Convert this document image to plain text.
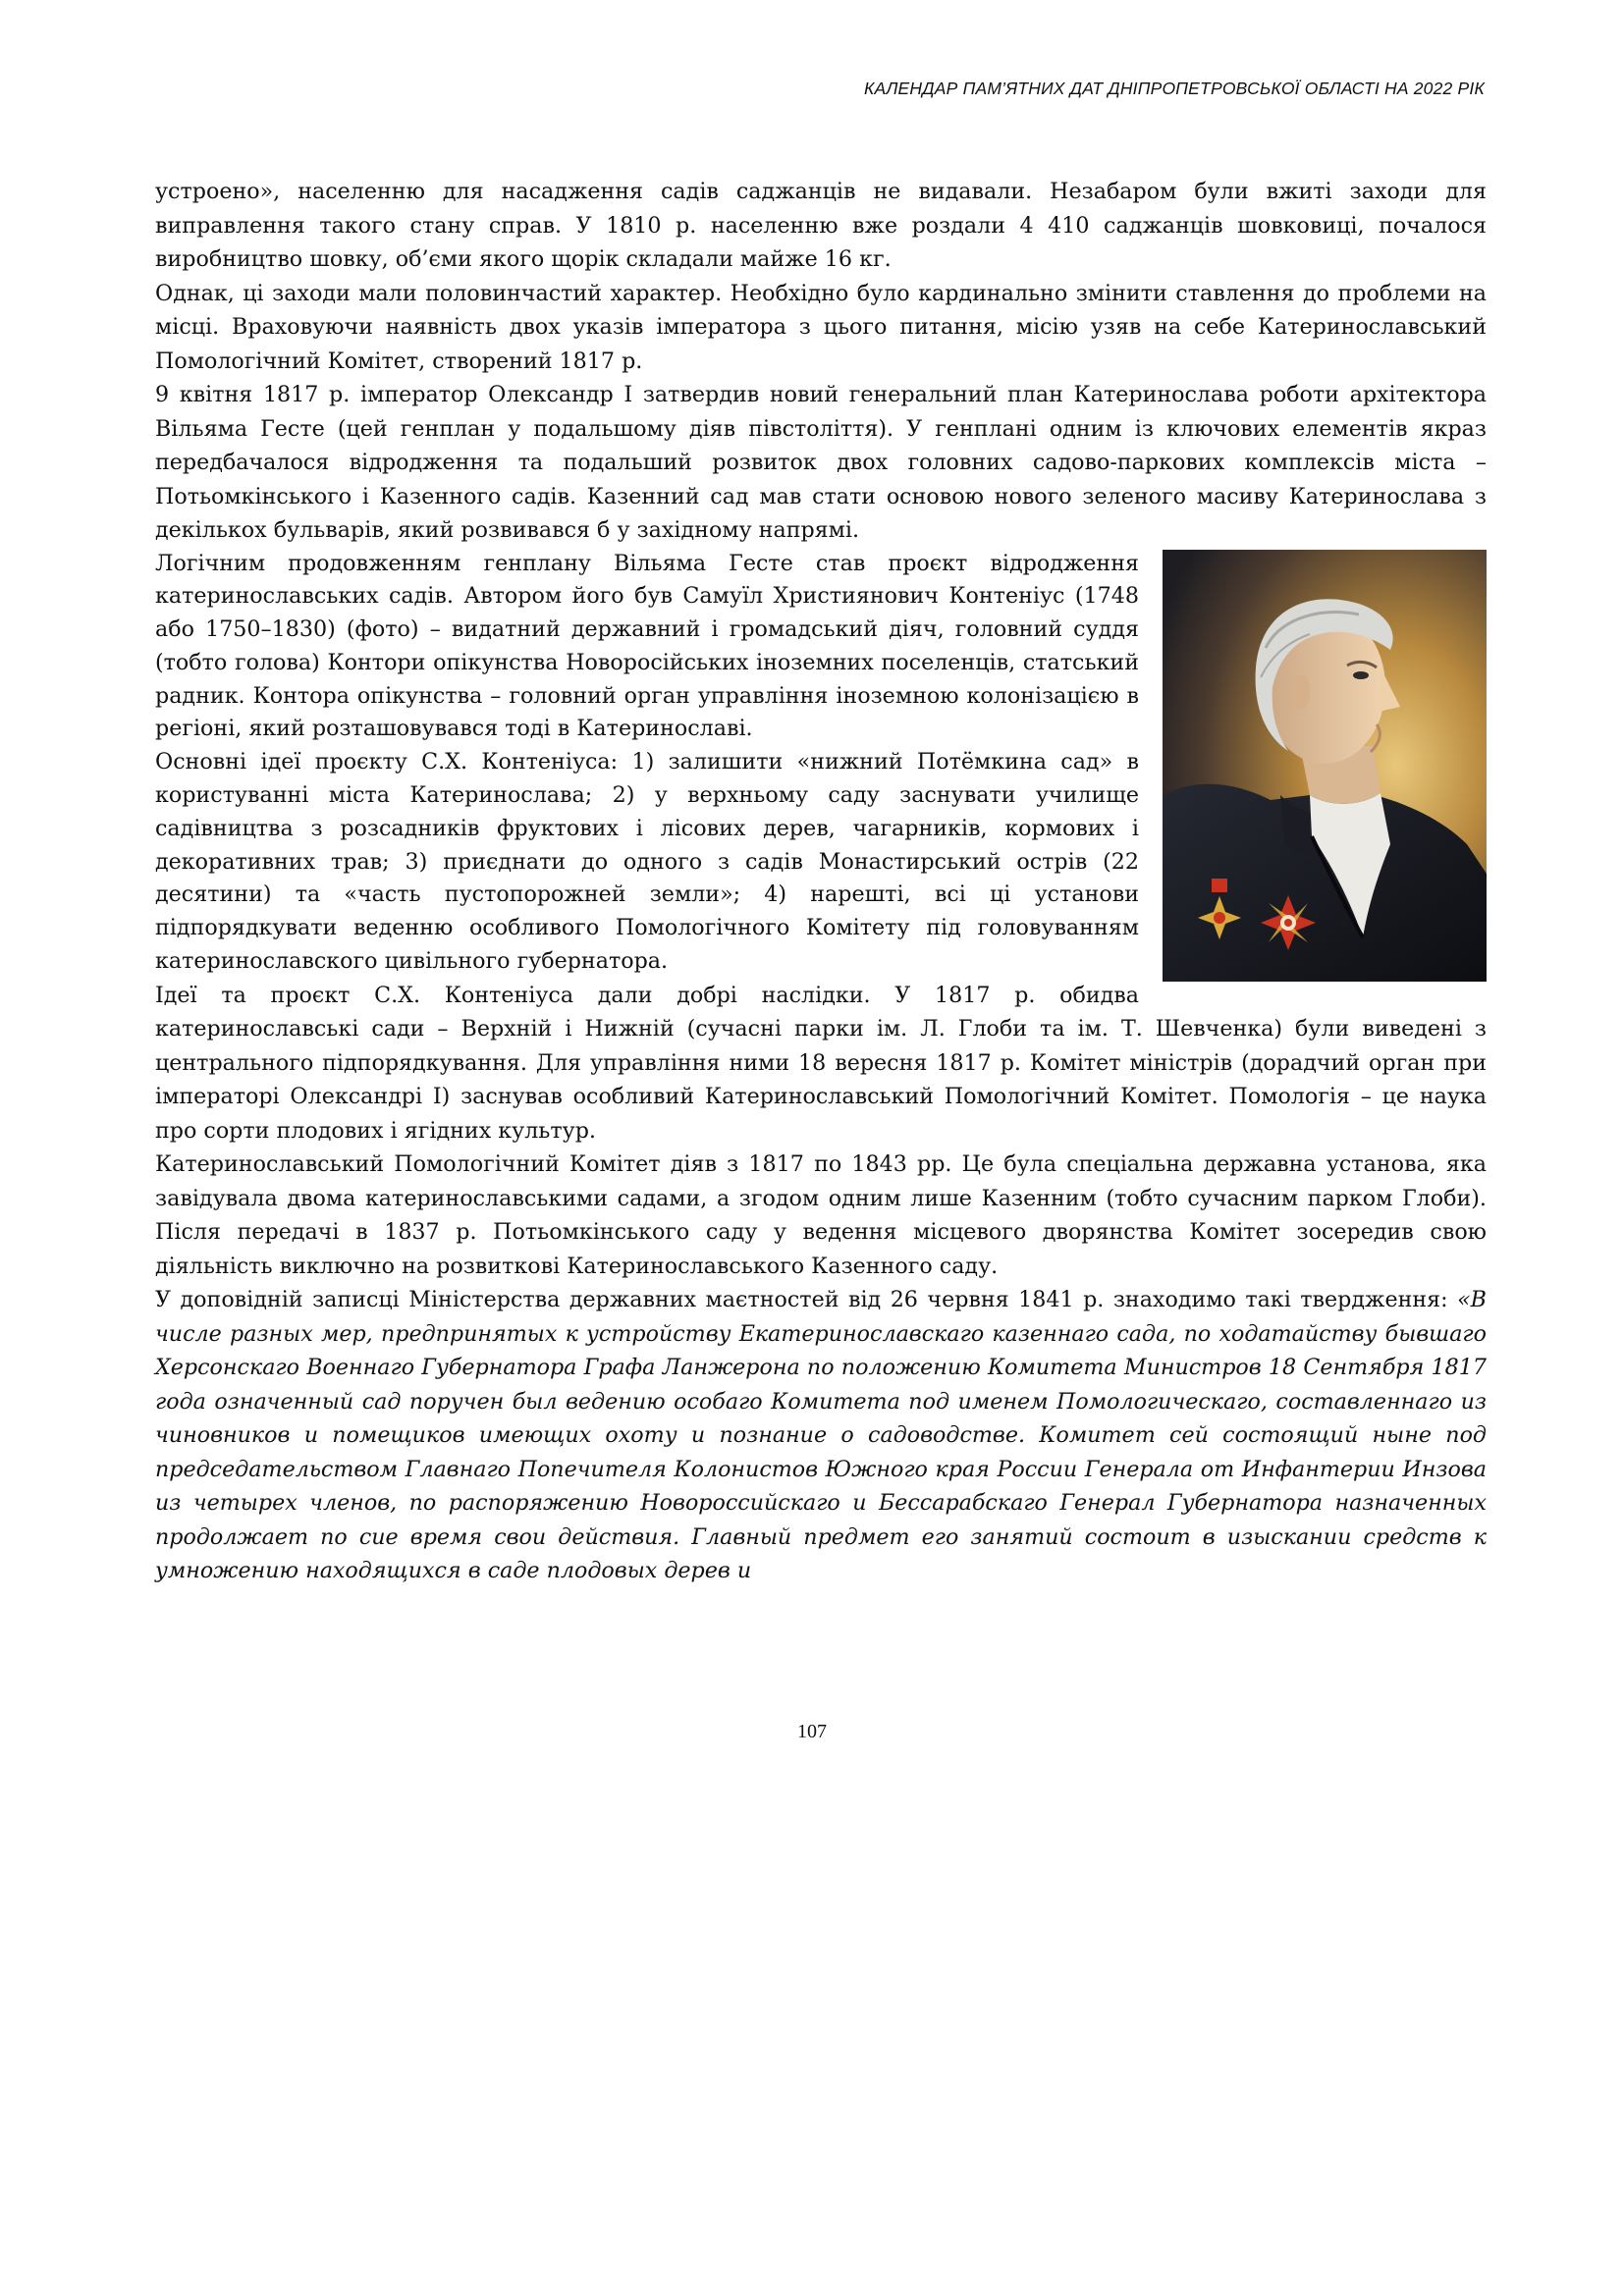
КАЛЕНДАР ПАМ’ЯТНИХ ДАТ ДНІПРОПЕТРОВСЬКОЇ ОБЛАСТІ НА 2022 РІК

устроено», населенню для насадження садів саджанців не видавали. Незабаром були вжиті заходи для виправлення такого стану справ. У 1810 р. населенню вже роздали 4 410 саджанців шовковиці, почалося виробництво шовку, об’єми якого щорік складали майже 16 кг.

Однак, ці заходи мали половинчастий характер. Необхідно було кардинально змінити ставлення до проблеми на місці. Враховуючи наявність двох указів імператора з цього питання, місію узяв на себе Катеринославський Помологічний Комітет, створений 1817 р.

9 квітня 1817 р. імператор Олександр I затвердив новий генеральний план Катеринослава роботи архітектора Вільяма Гесте (цей генплан у подальшому діяв півстоліття). У генплані одним із ключових елементів якраз передбачалося відродження та подальший розвиток двох головних садово-паркових комплексів міста – Потьомкінського і Казенного садів. Казенний сад мав стати основою нового зеленого масиву Катеринослава з декількох бульварів, який розвивався б у західному напрямі.

Логічним продовженням генплану Вільяма Гесте став проєкт відродження катеринославських садів. Автором його був Самуїл Християнович Контеніус (1748 або 1750–1830) (фото) – видатний державний і громадський діяч, головний суддя (тобто голова) Контори опікунства Новоросійських іноземних поселенців, статський радник. Контора опікунства – головний орган управління іноземною колонізацією в регіоні, який розташовувався тоді в Катеринославі.

Основні ідеї проєкту С.Х. Контеніуса: 1) залишити «нижний Потёмкина сад» в користуванні міста Катеринослава; 2) у верхньому саду заснувати училище садівництва з розсадників фруктових і лісових дерев, чагарників, кормових і декоративних трав; 3) приєднати до одного з садів Монастирський острів (22 десятини) та «часть пустопорожней земли»; 4) нарешті, всі ці установи підпорядкувати веденню особливого Помологічного Комітету під головуванням катеринославского цивільного губернатора.

Ідеї та проєкт С.Х. Контеніуса дали добрі наслідки. У 1817 р. обидва катеринославські сади – Верхній і Нижній (сучасні парки ім. Л. Глоби та ім. Т. Шевченка) були виведені з центрального підпорядкування. Для управління ними 18 вересня 1817 р. Комітет міністрів (дорадчий орган при імператорі Олександрі I) заснував особливий Катеринославський Помологічний Комітет. Помологія – це наука про сорти плодових і ягідних культур.

Катеринославський Помологічний Комітет діяв з 1817 по 1843 рр. Це була спеціальна державна установа, яка завідувала двома катеринославськими садами, а згодом одним лише Казенним (тобто сучасним парком Глоби). Після передачі в 1837 р. Потьомкінського саду у ведення місцевого дворянства Комітет зосередив свою діяльність виключно на розвиткові Катеринославського Казенного саду.

У доповідній записці Міністерства державних маєтностей від 26 червня 1841 р. знаходимо такі твердження: «В числе разных мер, предпринятых к устройству Екатеринославскаго казеннаго сада, по ходатайству бывшаго Херсонскаго Военнаго Губернатора Графа Ланжерона по положению Комитета Министров 18 Сентября 1817 года означенный сад поручен был ведению особаго Комитета под именем Помологическаго, составленнаго из чиновников и помещиков имеющих охоту и познание о садоводстве. Комитет сей состоящий ныне под председательством Главнаго Попечителя Колонистов Южного края России Генерала от Инфантерии Инзова из четырех членов, по распоряжению Новороссийскаго и Бессарабскаго Генерал Губернатора назначенных продолжает по сие время свои действия. Главный предмет его занятий состоит в изыскании средств к умножению находящихся в саде плодовых дерев и

107
